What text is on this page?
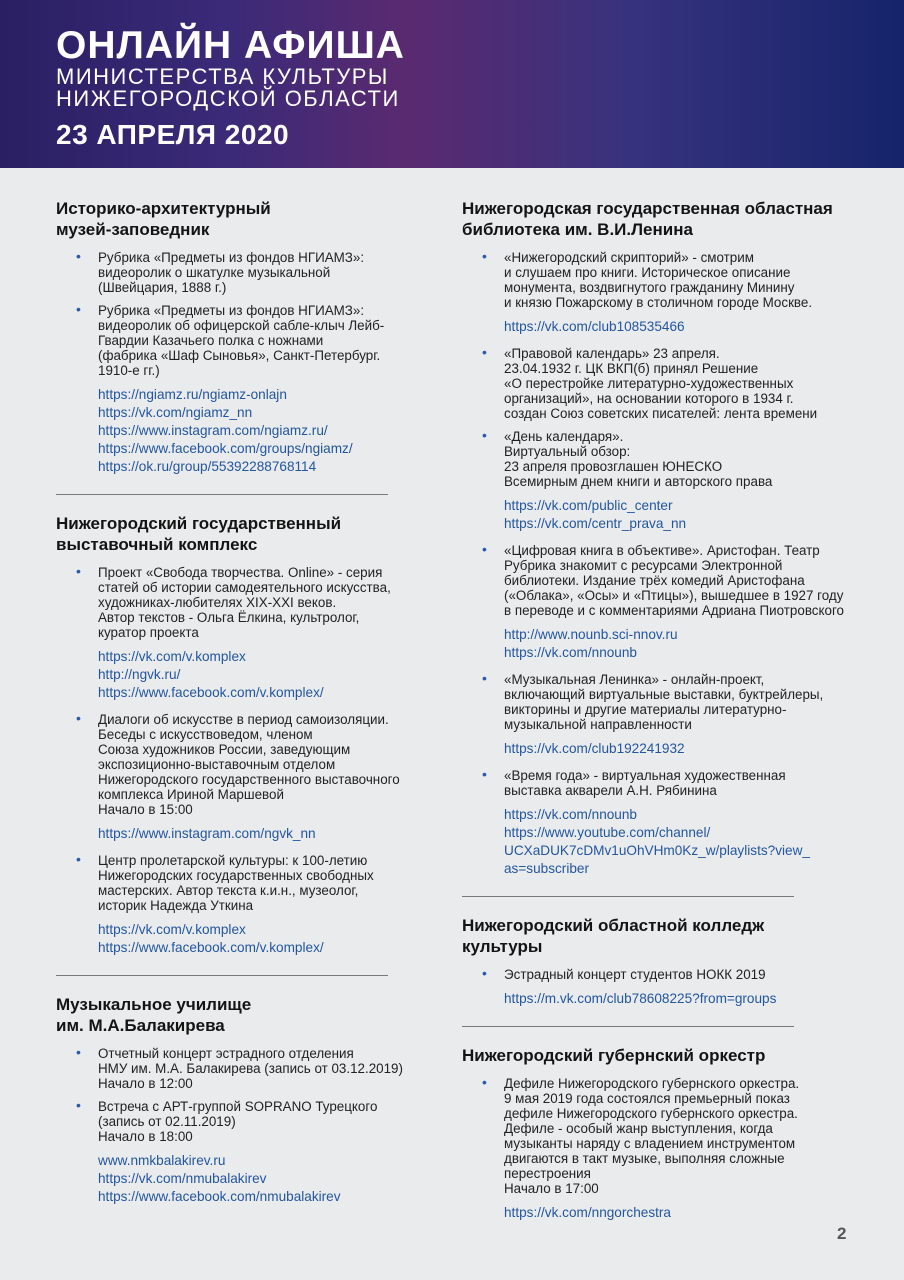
ОНЛАЙН АФИША
МИНИСТЕРСТВА КУЛЬТУРЫ
НИЖЕГОРОДСКОЙ ОБЛАСТИ
23 АПРЕЛЯ 2020
Историко-архитектурный
музей-заповедник
• Рубрика «Предметы из фондов НГИАМЗ»:
видеоролик о шкатулке музыкальной
(Швейцария, 1888 г.)
• Рубрика «Предметы из фондов НГИАМЗ»:
видеоролик об офицерской сабле-клыч Лейб-
Гвардии Казачьего полка с ножнами
(фабрика «Шаф Сыновья», Санкт-Петербург.
1910-е гг.)
https://ngiamz.ru/ngiamz-onlajn
https://vk.com/ngiamz_nn
https://www.instagram.com/ngiamz.ru/
https://www.facebook.com/groups/ngiamz/
https://ok.ru/group/55392288768114
Нижегородский государственный
выставочный комплекс
• Проект «Свобода творчества. Online» - серия
статей об истории самодеятельного искусства,
художниках-любителях XIX-XXI веков.
Автор текстов - Ольга Ёлкина, культролог,
куратор проекта
https://vk.com/v.komplex
http://ngvk.ru/
https://www.facebook.com/v.komplex/
• Диалоги об искусстве в период самоизоляции.
Беседы с искусствоведом, членом
Союза художников России, заведующим
экспозиционно-выставочным отделом
Нижегородского государственного выставочного
комплекса Ириной Маршевой
Начало в 15:00
https://www.instagram.com/ngvk_nn
• Центр пролетарской культуры: к 100-летию
Нижегородских государственных свободных
мастерских. Автор текста к.и.н., музеолог,
историк Надежда Уткина
https://vk.com/v.komplex
https://www.facebook.com/v.komplex/
Музыкальное училище
им. М.А.Балакирева
• Отчетный концерт эстрадного отделения
НМУ им. М.А. Балакирева (запись от 03.12.2019)
Начало в 12:00
• Встреча с АРТ-группой SOPRANO Турецкого
(запись от 02.11.2019)
Начало в 18:00
www.nmkbalakirev.ru
https://vk.com/nmubalakirev
https://www.facebook.com/nmubalakirev
Нижегородская государственная областная
библиотека им. В.И.Ленина
• «Нижегородский скрипторий» - смотрим
и слушаем про книги. Историческое описание
монумента, воздвигнутого гражданину Минину
и князю Пожарскому в столичном городе Москве.
https://vk.com/club108535466
• «Правовой календарь» 23 апреля.
23.04.1932 г. ЦК ВКП(б) принял Решение
«О перестройке литературно-художественных
организаций», на основании которого в 1934 г.
создан Союз советских писателей: лента времени
• «День календаря».
Виртуальный обзор:
23 апреля провозглашен ЮНЕСКО
Всемирным днем книги и авторского права
https://vk.com/public_center
https://vk.com/centr_prava_nn
• «Цифровая книга в объективе». Аристофан. Театр
Рубрика знакомит с ресурсами Электронной
библиотеки. Издание трёх комедий Аристофана
(«Облака», «Осы» и «Птицы»), вышедшее в 1927 году
в переводе и с комментариями Адриана Пиотровского
http://www.nounb.sci-nnov.ru
https://vk.com/nnounb
• «Музыкальная Ленинка» - онлайн-проект,
включающий виртуальные выставки, буктрейлеры,
викторины и другие материалы литературно-
музыкальной направленности
https://vk.com/club192241932
• «Время года» - виртуальная художественная
выставка акварели А.Н. Рябинина
https://vk.com/nnounb
https://www.youtube.com/channel/
UCXaDUK7cDMv1uOhVHm0Kz_w/playlists?view_
as=subscriber
Нижегородский областной колледж
культуры
• Эстрадный концерт студентов НОКК 2019
https://m.vk.com/club78608225?from=groups
Нижегородский губернский оркестр
• Дефиле Нижегородского губернского оркестра.
9 мая 2019 года состоялся премьерный показ
дефиле Нижегородского губернского оркестра.
Дефиле - особый жанр выступления, когда
музыканты наряду с владением инструментом
двигаются в такт музыке, выполняя сложные
перестроения
Начало в 17:00
https://vk.com/nngorchestra
2
